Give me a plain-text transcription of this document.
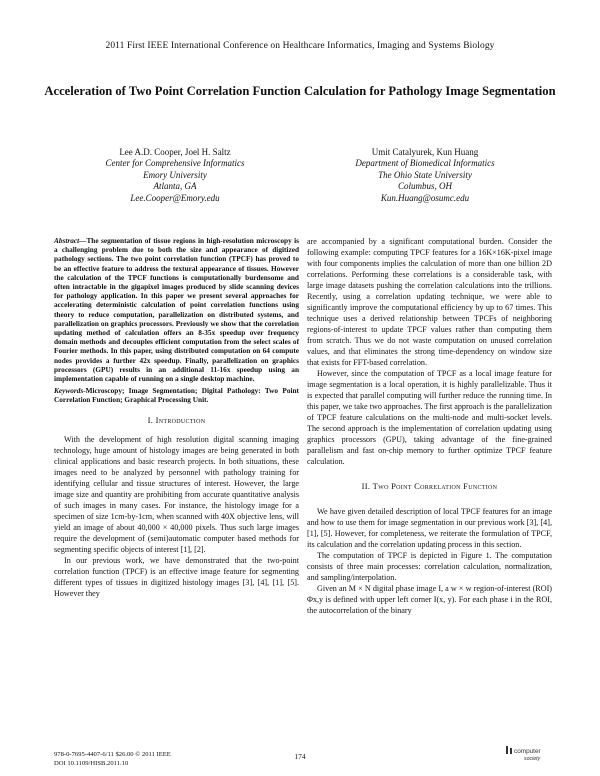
2011 First IEEE International Conference on Healthcare Informatics, Imaging and Systems Biology
Acceleration of Two Point Correlation Function Calculation for Pathology Image Segmentation
Lee A.D. Cooper, Joel H. Saltz
Center for Comprehensive Informatics
Emory University
Atlanta, GA
Lee.Cooper@Emory.edu
Umit Catalyurek, Kun Huang
Department of Biomedical Informatics
The Ohio State University
Columbus, OH
Kun.Huang@osumc.edu
Abstract—The segmentation of tissue regions in high-resolution microscopy is a challenging problem due to both the size and appearance of digitized pathology sections. The two point correlation function (TPCF) has proved to be an effective feature to address the textural appearance of tissues. However the calculation of the TPCF functions is computationally burdensome and often intractable in the gigapixel images produced by slide scanning devices for pathology application. In this paper we present several approaches for accelerating deterministic calculation of point correlation functions using theory to reduce computation, parallelization on distributed systems, and parallelization on graphics processors. Previously we show that the correlation updating method of calculation offers an 8-35x speedup over frequency domain methods and decouples efficient computation from the select scales of Fourier methods. In this paper, using distributed computation on 64 compute nodes provides a further 42x speedup. Finally, parallelization on graphics processors (GPU) results in an additional 11-16x speedup using an implementation capable of running on a single desktop machine.
Keywords-Microscopy; Image Segmentation; Digital Pathology: Two Point Correlation Function; Graphical Processing Unit.
I. Introduction

With the development of high resolution digital scanning imaging technology, huge amount of histology images are being generated in both clinical applications and basic research projects. In both situations, these images need to be analyzed by personnel with pathology training for identifying cellular and tissue structures of interest. However, the large image size and quantity are prohibiting from accurate quantitative analysis of such images in many cases. For instance, the histology image for a specimen of size 1cm-by-1cm, when scanned with 40X objective lens, will yield an image of about 40,000 × 40,000 pixels. Thus such large images require the development of (semi)automatic computer based methods for segmenting specific objects of interest [1], [2].

In our previous work, we have demonstrated that the two-point correlation function (TPCF) is an effective image feature for segmenting different types of tissues in digitized histology images [3], [4], [1], [5]. However they

are accompanied by a significant computational burden. Consider the following example: computing TPCF features for a 16K×16K-pixel image with four components implies the calculation of more than one billion 2D correlations. Performing these correlations is a considerable task, with large image datasets pushing the correlation calculations into the trillions. Recently, using a correlation updating technique, we were able to significantly improve the computational efficiency by up to 67 times. This technique uses a derived relationship between TPCFs of neighboring regions-of-interest to update TPCF values rather than computing them from scratch. Thus we do not waste computation on unused correlation values, and that eliminates the strong time-dependency on window size that exists for FFT-based correlation.

However, since the computation of TPCF as a local image feature for image segmentation is a local operation, it is highly parallelizable. Thus it is expected that parallel computing will further reduce the running time. In this paper, we take two approaches. The first approach is the parallelization of TPCF feature calculations on the multi-node and multi-socket levels. The second approach is the implementation of correlation updating using graphics processors (GPU), taking advantage of the fine-grained parallelism and fast on-chip memory to further optimize TPCF feature calculation.

II. Two Point Correlation Function

We have given detailed description of local TPCF features for an image and how to use them for image segmentation in our previous work [3], [4], [1], [5]. However, for completeness, we reiterate the formulation of TPCF, its calculation and the correlation updating process in this section.

The computation of TPCF is depicted in Figure 1. The computation consists of three main processes: correlation calculation, normalization, and sampling/interpolation.

Given an M × N digital phase image I, a w × w region-of-interest (ROI) Φx,y is defined with upper left corner I(x, y). For each phase i in the ROI, the autocorrelation of the binary

978-0-7695-4407-6/11 $26.00 © 2011 IEEE
DOI 10.1109/HISB.2011.10
174
computer
society
